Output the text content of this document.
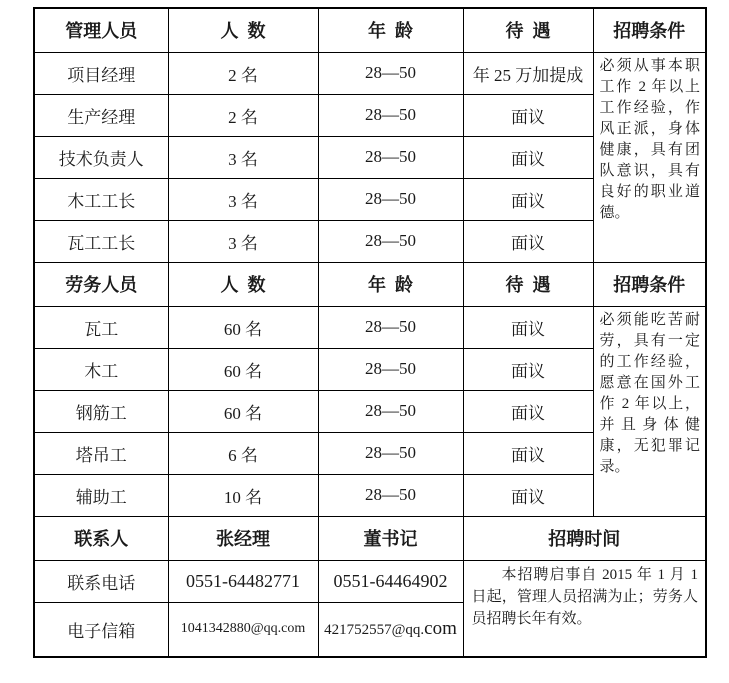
管理人员	人 数	年 龄	待 遇	招聘条件
项目经理	2 名	28—50	年 25 万加提成	必须从事本职工作 2 年以上工作经验，作风正派，身体健康，具有团队意识，具有良好的职业道德。
生产经理	2 名	28—50	面议	
技术负责人	3 名	28—50	面议	
木工工长	3 名	28—50	面议	
瓦工工长	3 名	28—50	面议	
劳务人员	人 数	年 龄	待 遇	招聘条件
瓦工	60 名	28—50	面议	必须能吃苦耐劳，具有一定的工作经验，愿意在国外工作 2 年以上，并且身体健康，无犯罪记录。
木工	60 名	28—50	面议	
钢筋工	60 名	28—50	面议	
塔吊工	6 名	28—50	面议	
辅助工	10 名	28—50	面议	
联系人	张经理	董书记	招聘时间	
联系电话	0551-64482771	0551-64464902	本招聘启事自 2015 年 1 月 1 日起，管理人员招满为止；劳务人员招聘长年有效。	

电子信箱	1041342880@qq.com	421752557@qq.com		
